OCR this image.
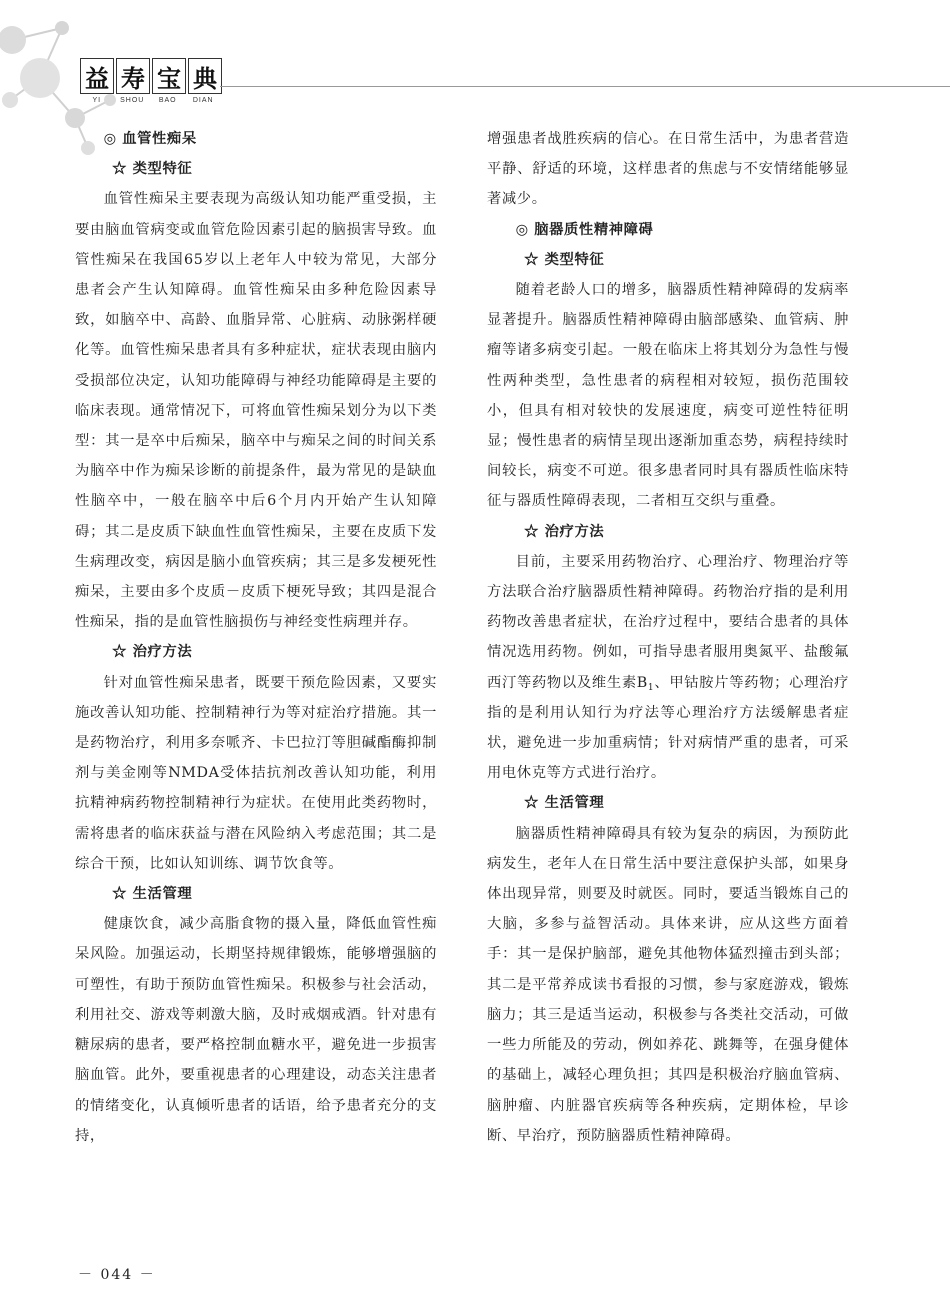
益 寿 宝 典
YI	SHOU	BAO	DIAN
◎ 血管性痴呆
☆ 类型特征

血管性痴呆主要表现为高级认知功能严重受损，主要由脑血管病变或血管危险因素引起的脑损害导致。血管性痴呆在我国65岁以上老年人中较为常见，大部分患者会产生认知障碍。血管性痴呆由多种危险因素导致，如脑卒中、高龄、血脂异常、心脏病、动脉粥样硬化等。血管性痴呆患者具有多种症状，症状表现由脑内受损部位决定，认知功能障碍与神经功能障碍是主要的临床表现。通常情况下，可将血管性痴呆划分为以下类型：其一是卒中后痴呆，脑卒中与痴呆之间的时间关系为脑卒中作为痴呆诊断的前提条件，最为常见的是缺血性脑卒中，一般在脑卒中后6个月内开始产生认知障碍；其二是皮质下缺血性血管性痴呆，主要在皮质下发生病理改变，病因是脑小血管疾病；其三是多发梗死性痴呆，主要由多个皮质－皮质下梗死导致；其四是混合性痴呆，指的是血管性脑损伤与神经变性病理并存。

☆ 治疗方法

针对血管性痴呆患者，既要干预危险因素，又要实施改善认知功能、控制精神行为等对症治疗措施。其一是药物治疗，利用多奈哌齐、卡巴拉汀等胆碱酯酶抑制剂与美金刚等NMDA受体拮抗剂改善认知功能，利用抗精神病药物控制精神行为症状。在使用此类药物时，需将患者的临床获益与潜在风险纳入考虑范围；其二是综合干预，比如认知训练、调节饮食等。

☆ 生活管理

健康饮食，减少高脂食物的摄入量，降低血管性痴呆风险。加强运动，长期坚持规律锻炼，能够增强脑的可塑性，有助于预防血管性痴呆。积极参与社会活动，利用社交、游戏等刺激大脑，及时戒烟戒酒。针对患有糖尿病的患者，要严格控制血糖水平，避免进一步损害脑血管。此外，要重视患者的心理建设，动态关注患者的情绪变化，认真倾听患者的话语，给予患者充分的支持，

增强患者战胜疾病的信心。在日常生活中，为患者营造平静、舒适的环境，这样患者的焦虑与不安情绪能够显著减少。

◎ 脑器质性精神障碍
☆ 类型特征

随着老龄人口的增多，脑器质性精神障碍的发病率显著提升。脑器质性精神障碍由脑部感染、血管病、肿瘤等诸多病变引起。一般在临床上将其划分为急性与慢性两种类型，急性患者的病程相对较短，损伤范围较小，但具有相对较快的发展速度，病变可逆性特征明显；慢性患者的病情呈现出逐渐加重态势，病程持续时间较长，病变不可逆。很多患者同时具有器质性临床特征与器质性障碍表现，二者相互交织与重叠。

☆ 治疗方法

目前，主要采用药物治疗、心理治疗、物理治疗等方法联合治疗脑器质性精神障碍。药物治疗指的是利用药物改善患者症状，在治疗过程中，要结合患者的具体情况选用药物。例如，可指导患者服用奥氮平、盐酸氟西汀等药物以及维生素$B_1$、甲钴胺片等药物；心理治疗指的是利用认知行为疗法等心理治疗方法缓解患者症状，避免进一步加重病情；针对病情严重的患者，可采用电休克等方式进行治疗。

☆ 生活管理

脑器质性精神障碍具有较为复杂的病因，为预防此病发生，老年人在日常生活中要注意保护头部，如果身体出现异常，则要及时就医。同时，要适当锻炼自己的大脑，多参与益智活动。具体来讲，应从这些方面着手：其一是保护脑部，避免其他物体猛烈撞击到头部；其二是平常养成读书看报的习惯，参与家庭游戏，锻炼脑力；其三是适当运动，积极参与各类社交活动，可做一些力所能及的劳动，例如养花、跳舞等，在强身健体的基础上，减轻心理负担；其四是积极治疗脑血管病、脑肿瘤、内脏器官疾病等各种疾病，定期体检，早诊断、早治疗，预防脑器质性精神障碍。

－ 044 －
